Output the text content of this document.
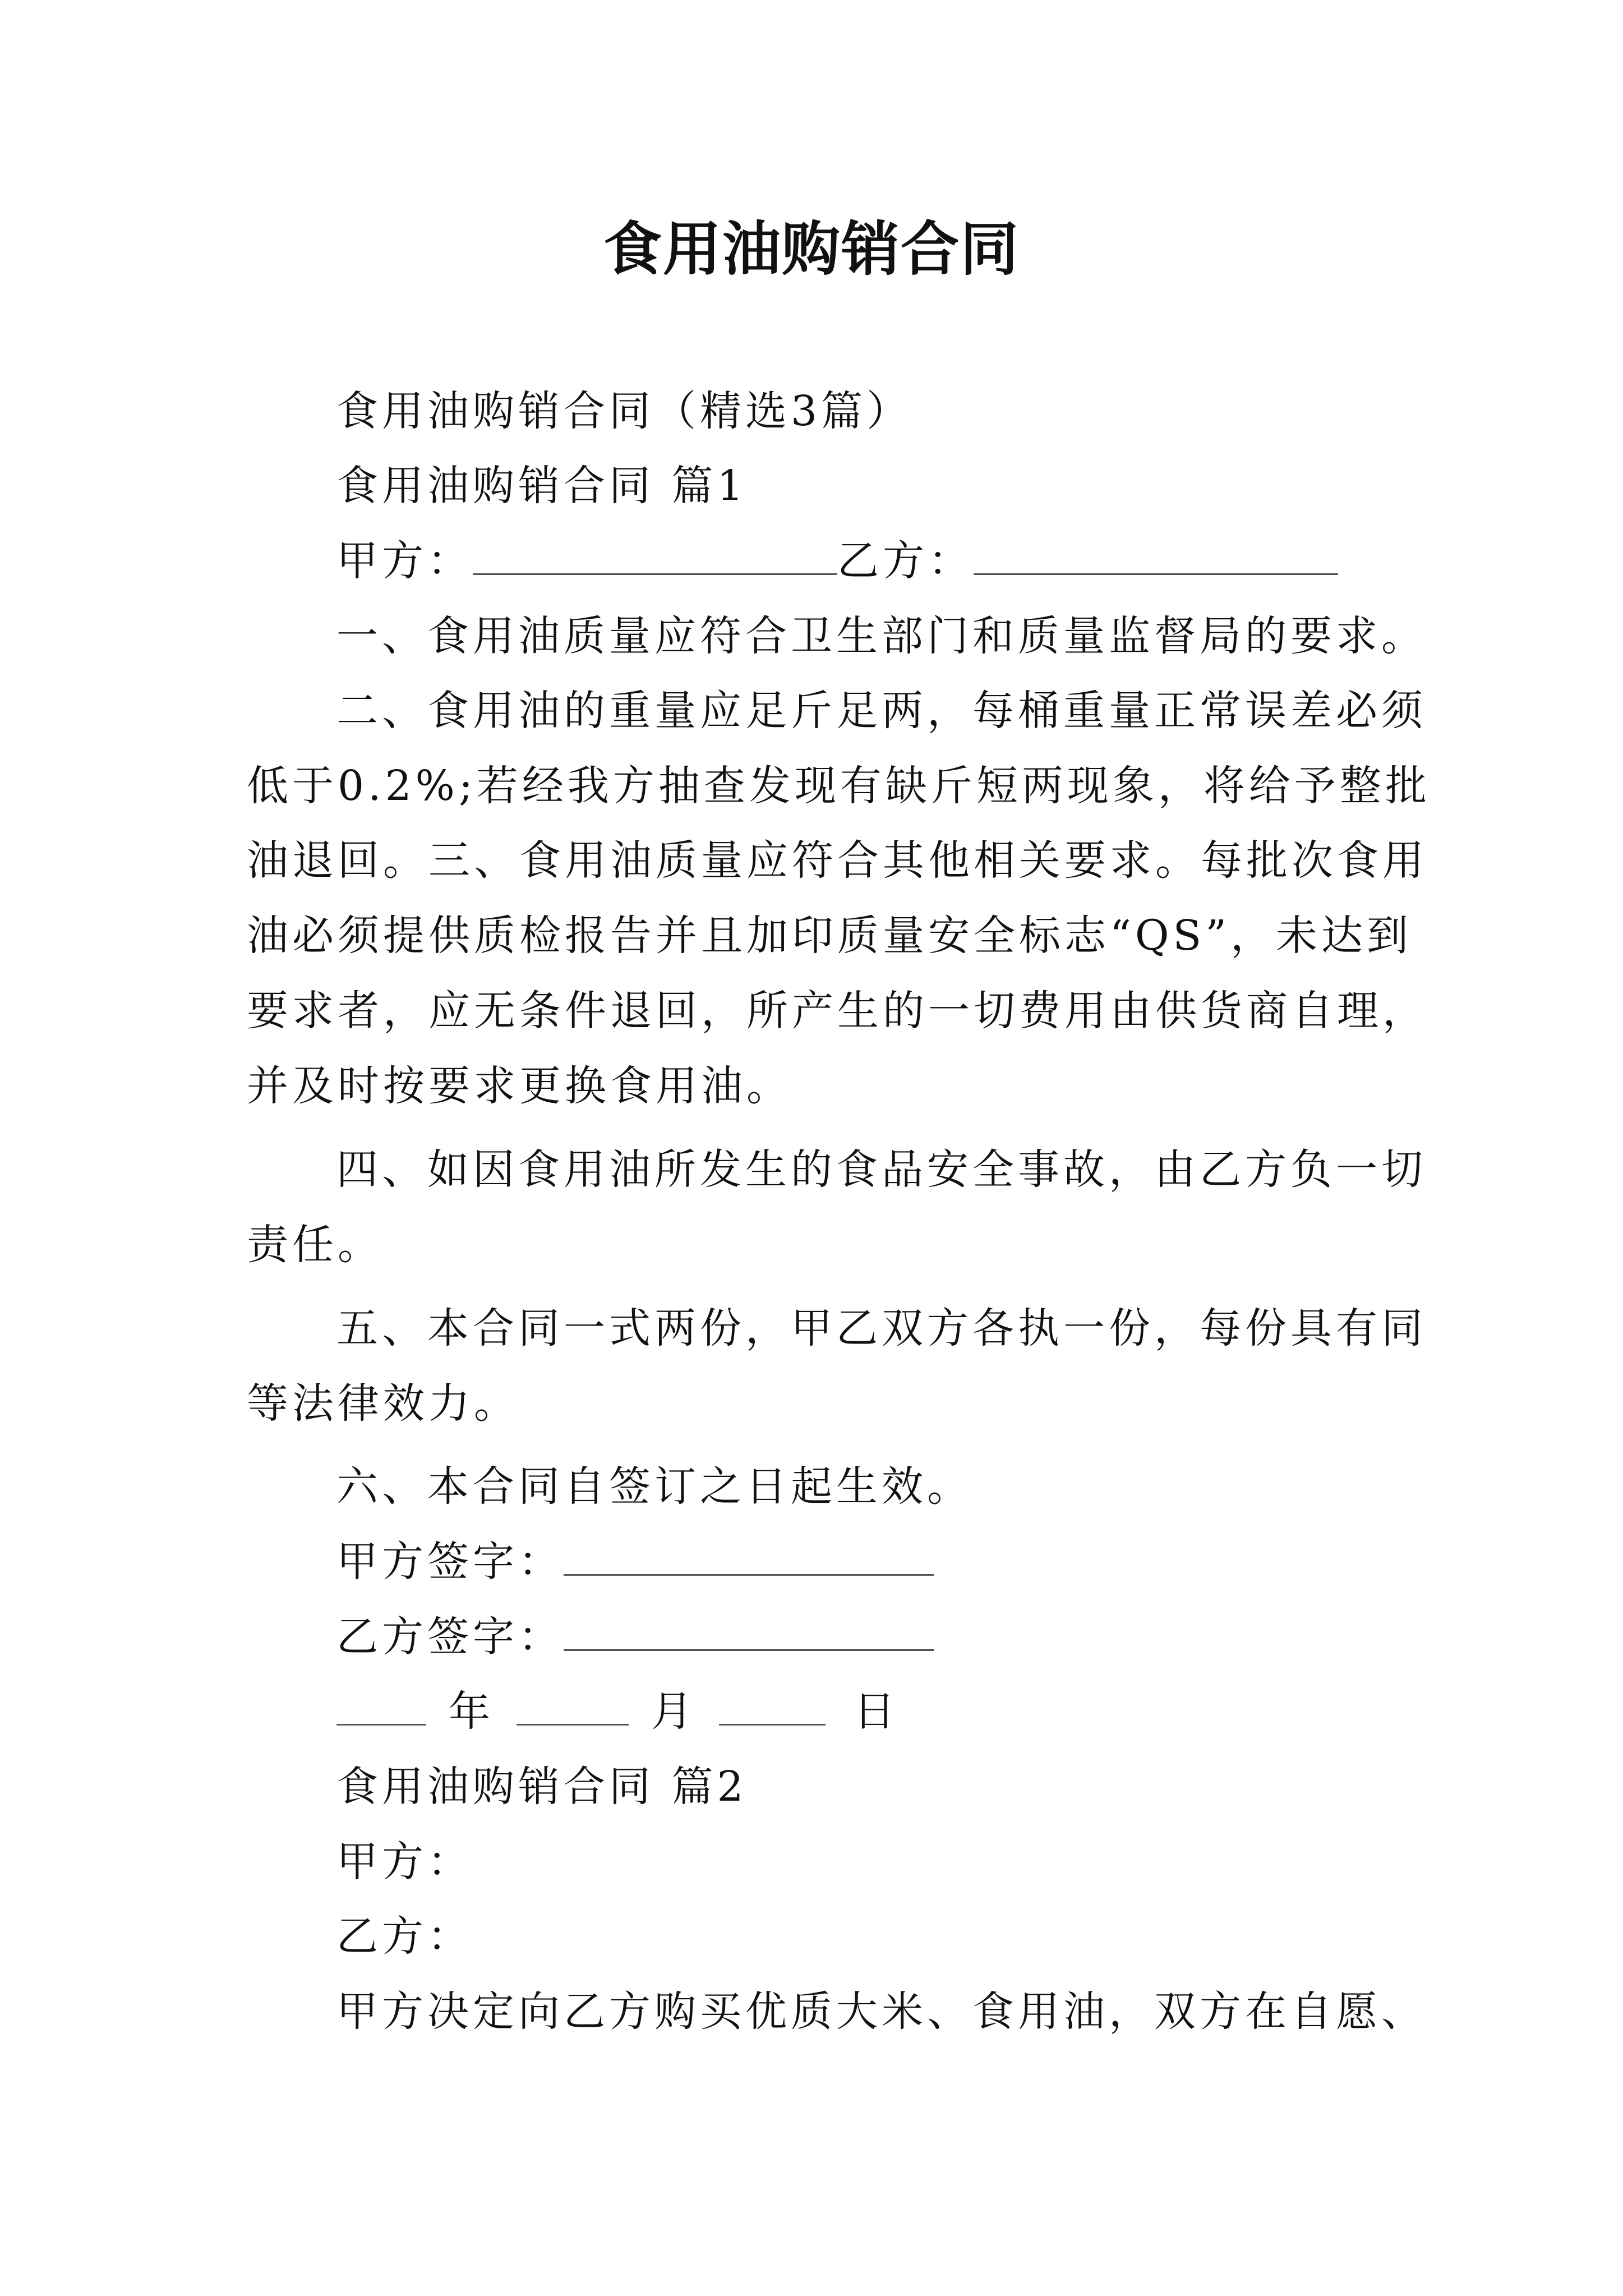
食用油购销合同
食用油购销合同（精选3篇）
食用油购销合同 篇1
甲方：	乙方：
一、食用油质量应符合卫生部门和质量监督局的要求。
二、食用油的重量应足斤足两，每桶重量正常误差必须
低于0.2%;若经我方抽查发现有缺斤短两现象，将给予整批
油退回。三、食用油质量应符合其他相关要求。每批次食用
油必须提供质检报告并且加印质量安全标志“QS”，未达到
要求者，应无条件退回，所产生的一切费用由供货商自理，
并及时按要求更换食用油。
四、如因食用油所发生的食品安全事故，由乙方负一切
责任。
五、本合同一式两份，甲乙双方各执一份，每份具有同
等法律效力。
六、本合同自签订之日起生效。
甲方签字：
乙方签字：
年	月	日
食用油购销合同 篇2
甲方：
乙方：
甲方决定向乙方购买优质大米、食用油，双方在自愿、
